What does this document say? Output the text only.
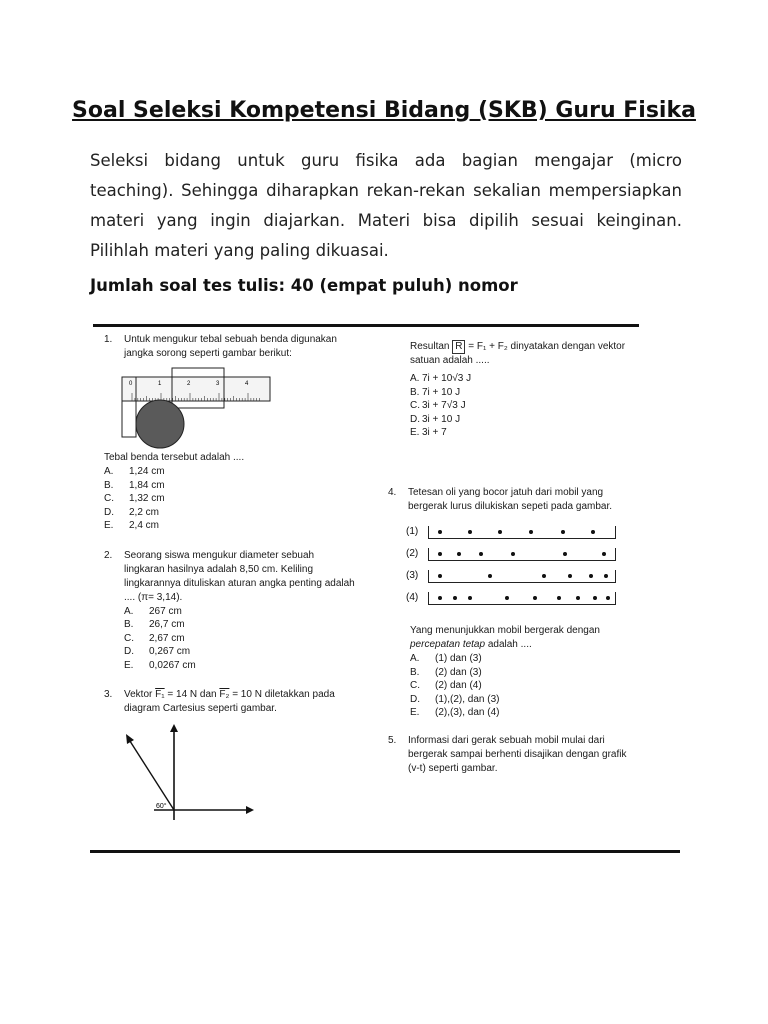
Soal Seleksi Kompetensi Bidang (SKB) Guru Fisika

Seleksi bidang untuk guru fisika ada bagian mengajar (micro teaching). Sehingga diharapkan rekan-rekan sekalian mempersiapkan materi yang ingin diajarkan. Materi bisa dipilih sesuai keinginan. Pilihlah materi yang paling dikuasai.

Jumlah soal tes tulis: 40 (empat puluh) nomor

1. Untuk mengukur tebal sebuah benda digunakan jangka sorong seperti gambar berikut:
0	1	2	3	4
Tebal benda tersebut adalah ....
A. 1,24 cm
B. 1,84 cm
C. 1,32 cm
D. 2,2 cm
E. 2,4 cm
2. Seorang siswa mengukur diameter sebuah lingkaran hasilnya adalah 8,50 cm. Keliling lingkarannya dituliskan aturan angka penting adalah .... (π= 3,14).
A. 267 cm
B. 26,7 cm
C. 2,67 cm
D. 0,267 cm
E. 0,0267 cm
3. Vektor F₁ = 14 N dan F₂ = 10 N diletakkan pada diagram Cartesius seperti gambar.
60°
Resultan R = F₁ + F₂ dinyatakan dengan vektor satuan adalah .....
A. 7i + 10√3 J
B. 7i + 10 J
C. 3i + 7√3 J
D. 3i + 10 J
E. 3i + 7
4. Tetesan oli yang bocor jatuh dari mobil yang bergerak lurus dilukiskan sepeti pada gambar.
(1)
(2)
(3)
(4)
Yang menunjukkan mobil bergerak dengan percepatan tetap adalah ....
A. (1) dan (3)
B. (2) dan (3)
C. (2) dan (4)
D. (1),(2), dan (3)
E. (2),(3), dan (4)
5. Informasi dari gerak sebuah mobil mulai dari bergerak sampai berhenti disajikan dengan grafik (v-t) seperti gambar.
